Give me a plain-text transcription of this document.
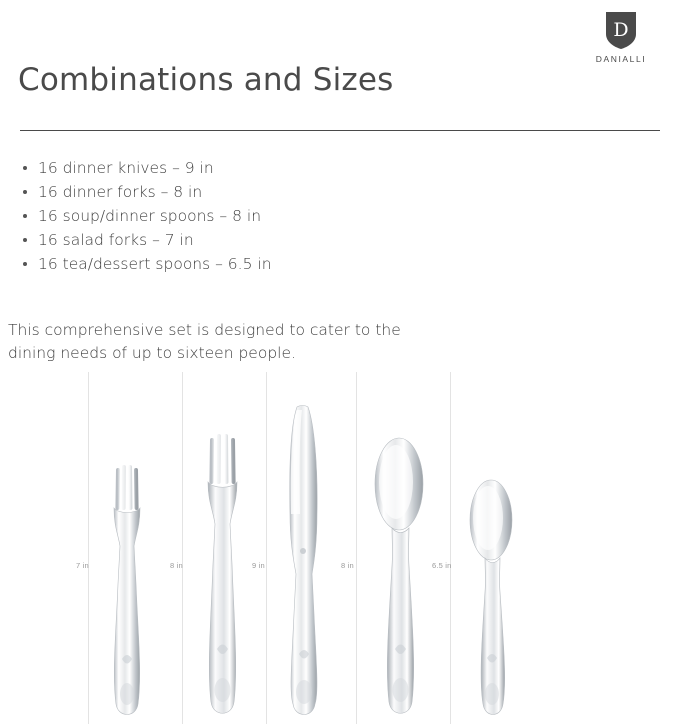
D
DANIALLI
Combinations and Sizes
16 dinner knives – 9 in
16 dinner forks – 8 in
16 soup/dinner spoons – 8 in
16 salad forks – 7 in
16 tea/dessert spoons – 6.5 in

This comprehensive set is designed to cater to the dining needs of up to sixteen people.

7 in	8 in	9 in	8 in	6.5 in
